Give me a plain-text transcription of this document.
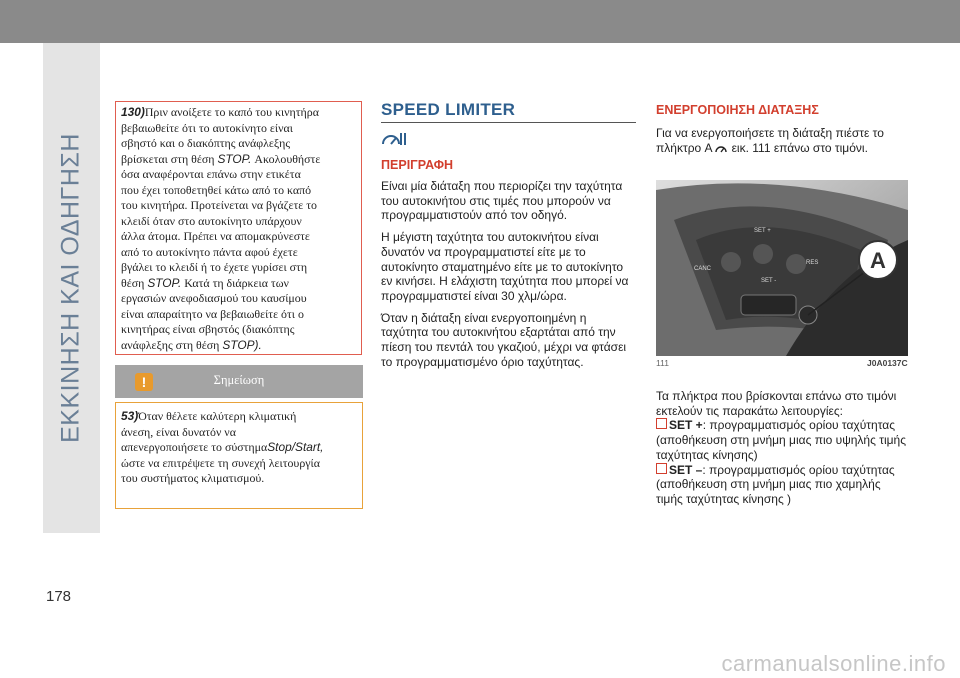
ΕΚΚΙΝΗΣΗ ΚΑΙ ΟΔΗΓΗΣΗ
130)Πριν ανοίξετε το καπό του κινητήρα
βεβαιωθείτε ότι το αυτοκίνητο είναι
σβηστό και ο διακόπτης ανάφλεξης
βρίσκεται στη θέση STOP. Ακολουθήστε
όσα αναφέρονται επάνω στην ετικέτα
που έχει τοποθετηθεί κάτω από το καπό
του κινητήρα. Προτείνεται να βγάζετε το
κλειδί όταν στο αυτοκίνητο υπάρχουν
άλλα άτομα. Πρέπει να απομακρύνεστε
από το αυτοκίνητο πάντα αφού έχετε
βγάλει το κλειδί ή το έχετε γυρίσει στη
θέση STOP. Κατά τη διάρκεια των
εργασιών ανεφοδιασμού του καυσίμου
είναι απαραίτητο να βεβαιωθείτε ότι ο
κινητήρας είναι σβηστός (διακόπτης
ανάφλεξης στη θέση STOP).
!	Σημείωση
53)Όταν θέλετε καλύτερη κλιματική
άνεση, είναι δυνατόν να
απενεργοποιήσετε το σύστημαStop/Start,
ώστε να επιτρέψετε τη συνεχή λειτουργία
του συστήματος κλιματισμού.
SPEED LIMITER
ΠΕΡΙΓΡΑΦΗ

Είναι μία διάταξη που περιορίζει την ταχύτητα του αυτοκινήτου στις τιμές που μπορούν να προγραμματιστούν από τον οδηγό.

Η μέγιστη ταχύτητα του αυτοκινήτου είναι δυνατόν να προγραμματιστεί είτε με το αυτοκίνητο σταματημένο είτε με το αυτοκίνητο εν κινήσει. Η ελάχιστη ταχύτητα που μπορεί να προγραμματιστεί είναι 30 χλμ/ώρα.

Όταν η διάταξη είναι ενεργοποιημένη η ταχύτητα του αυτοκινήτου εξαρτάται από την πίεση του πεντάλ του γκαζιού, μέχρι να φτάσει το προγραμματισμένο όριο ταχύτητας.

ΕΝΕΡΓΟΠΟΙΗΣΗ ΔΙΑΤΑΞΗΣ

Για να ενεργοποιήσετε τη διάταξη πιέστε το πλήκτρο A εικ. 111 επάνω στο τιμόνι.

SET +
CANC
RES
SET -
A
111	J0A0137C
Τα πλήκτρα που βρίσκονται επάνω στο τιμόνι εκτελούν τις παρακάτω λειτουργίες:
SET +: προγραμματισμός ορίου ταχύτητας (αποθήκευση στη μνήμη μιας πιο υψηλής τιμής ταχύτητας κίνησης)
SET –: προγραμματισμός ορίου ταχύτητας (αποθήκευση στη μνήμη μιας πιο χαμηλής τιμής ταχύτητας κίνησης )
178
carmanualsonline.info
